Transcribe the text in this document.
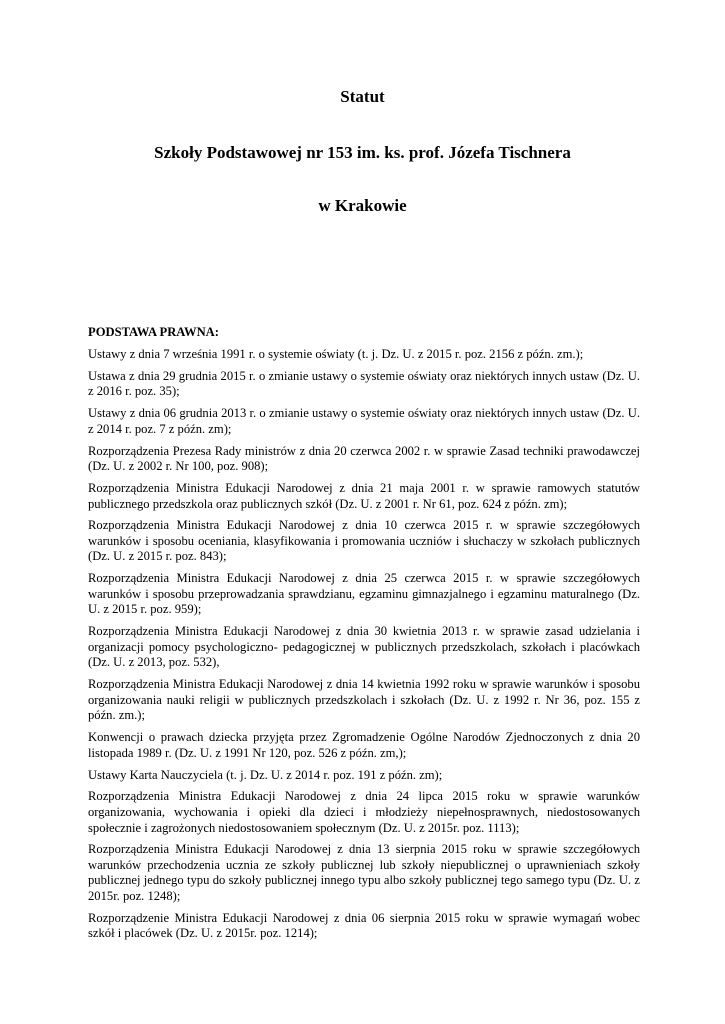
Statut
Szkoły Podstawowej nr 153 im. ks. prof. Józefa Tischnera
w Krakowie

PODSTAWA PRAWNA:

Ustawy z dnia 7 września 1991 r. o systemie oświaty (t. j. Dz. U. z 2015 r. poz. 2156 z późn. zm.);
Ustawa z dnia 29 grudnia 2015 r. o zmianie ustawy o systemie oświaty oraz niektórych innych ustaw (Dz. U. z 2016 r. poz. 35);
Ustawy z dnia 06 grudnia 2013 r. o zmianie ustawy o systemie oświaty oraz niektórych innych ustaw (Dz. U. z 2014 r. poz. 7 z późn. zm);
Rozporządzenia Prezesa Rady ministrów z dnia 20 czerwca 2002 r. w sprawie Zasad techniki prawodawczej (Dz. U. z 2002 r. Nr 100, poz. 908);
Rozporządzenia Ministra Edukacji Narodowej z dnia 21 maja 2001 r. w sprawie ramowych statutów publicznego przedszkola oraz publicznych szkół (Dz. U. z 2001 r. Nr 61, poz. 624 z późn. zm);
Rozporządzenia Ministra Edukacji Narodowej z dnia 10 czerwca 2015 r. w sprawie szczegółowych warunków i sposobu oceniania, klasyfikowania i promowania uczniów i słuchaczy w szkołach publicznych (Dz. U. z 2015 r. poz. 843);
Rozporządzenia Ministra Edukacji Narodowej z dnia 25 czerwca 2015 r. w sprawie szczegółowych warunków i sposobu przeprowadzania sprawdzianu, egzaminu gimnazjalnego i egzaminu maturalnego (Dz. U. z 2015 r. poz. 959);
Rozporządzenia Ministra Edukacji Narodowej z dnia 30 kwietnia 2013 r. w sprawie zasad udzielania i organizacji pomocy psychologiczno- pedagogicznej w publicznych przedszkolach, szkołach i placówkach (Dz. U. z 2013, poz. 532),
Rozporządzenia Ministra Edukacji Narodowej z dnia 14 kwietnia 1992 roku w sprawie warunków i sposobu organizowania nauki religii w publicznych przedszkolach i szkołach (Dz. U. z 1992 r. Nr 36, poz. 155 z późn. zm.);
Konwencji o prawach dziecka przyjęta przez Zgromadzenie Ogólne Narodów Zjednoczonych z dnia 20 listopada 1989 r. (Dz. U. z 1991 Nr 120, poz. 526 z późn. zm,);
Ustawy Karta Nauczyciela (t. j. Dz. U. z 2014 r. poz. 191 z późn. zm);
Rozporządzenia Ministra Edukacji Narodowej z dnia 24 lipca 2015 roku w sprawie warunków organizowania, wychowania i opieki dla dzieci i młodzieży niepełnosprawnych, niedostosowanych społecznie i zagrożonych niedostosowaniem społecznym (Dz. U. z 2015r. poz. 1113);
Rozporządzenia Ministra Edukacji Narodowej z dnia 13 sierpnia 2015 roku w sprawie szczegółowych warunków przechodzenia ucznia ze szkoły publicznej lub szkoły niepublicznej o uprawnieniach szkoły publicznej jednego typu do szkoły publicznej innego typu albo szkoły publicznej tego samego typu (Dz. U. z 2015r. poz. 1248);
Rozporządzenie Ministra Edukacji Narodowej z dnia 06 sierpnia 2015 roku w sprawie wymagań wobec szkół i placówek (Dz. U. z 2015r. poz. 1214);
